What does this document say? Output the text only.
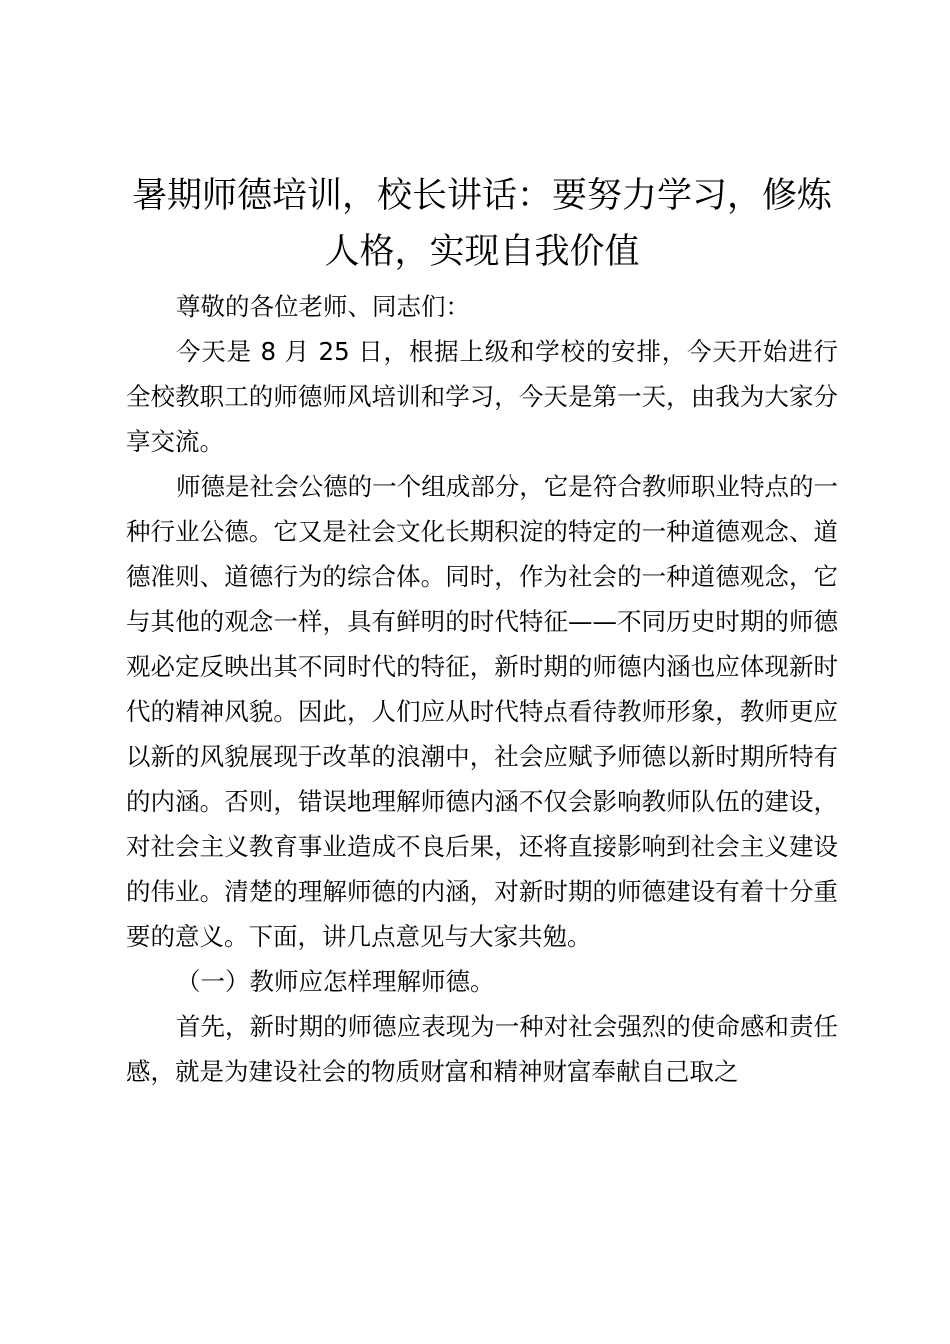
暑期师德培训，校长讲话：要努力学习，修炼人格，实现自我价值

尊敬的各位老师、同志们：

今天是 8 月 25 日，根据上级和学校的安排，今天开始进行全校教职工的师德师风培训和学习，今天是第一天，由我为大家分享交流。

师德是社会公德的一个组成部分，它是符合教师职业特点的一种行业公德。它又是社会文化长期积淀的特定的一种道德观念、道德准则、道德行为的综合体。同时，作为社会的一种道德观念，它与其他的观念一样，具有鲜明的时代特征——不同历史时期的师德观必定反映出其不同时代的特征，新时期的师德内涵也应体现新时代的精神风貌。因此，人们应从时代特点看待教师形象，教师更应以新的风貌展现于改革的浪潮中，社会应赋予师德以新时期所特有的内涵。否则，错误地理解师德内涵不仅会影响教师队伍的建设，对社会主义教育事业造成不良后果，还将直接影响到社会主义建设的伟业。清楚的理解师德的内涵，对新时期的师德建设有着十分重要的意义。下面，讲几点意见与大家共勉。

（一）教师应怎样理解师德。

首先，新时期的师德应表现为一种对社会强烈的使命感和责任感，就是为建设社会的物质财富和精神财富奉献自己取之
